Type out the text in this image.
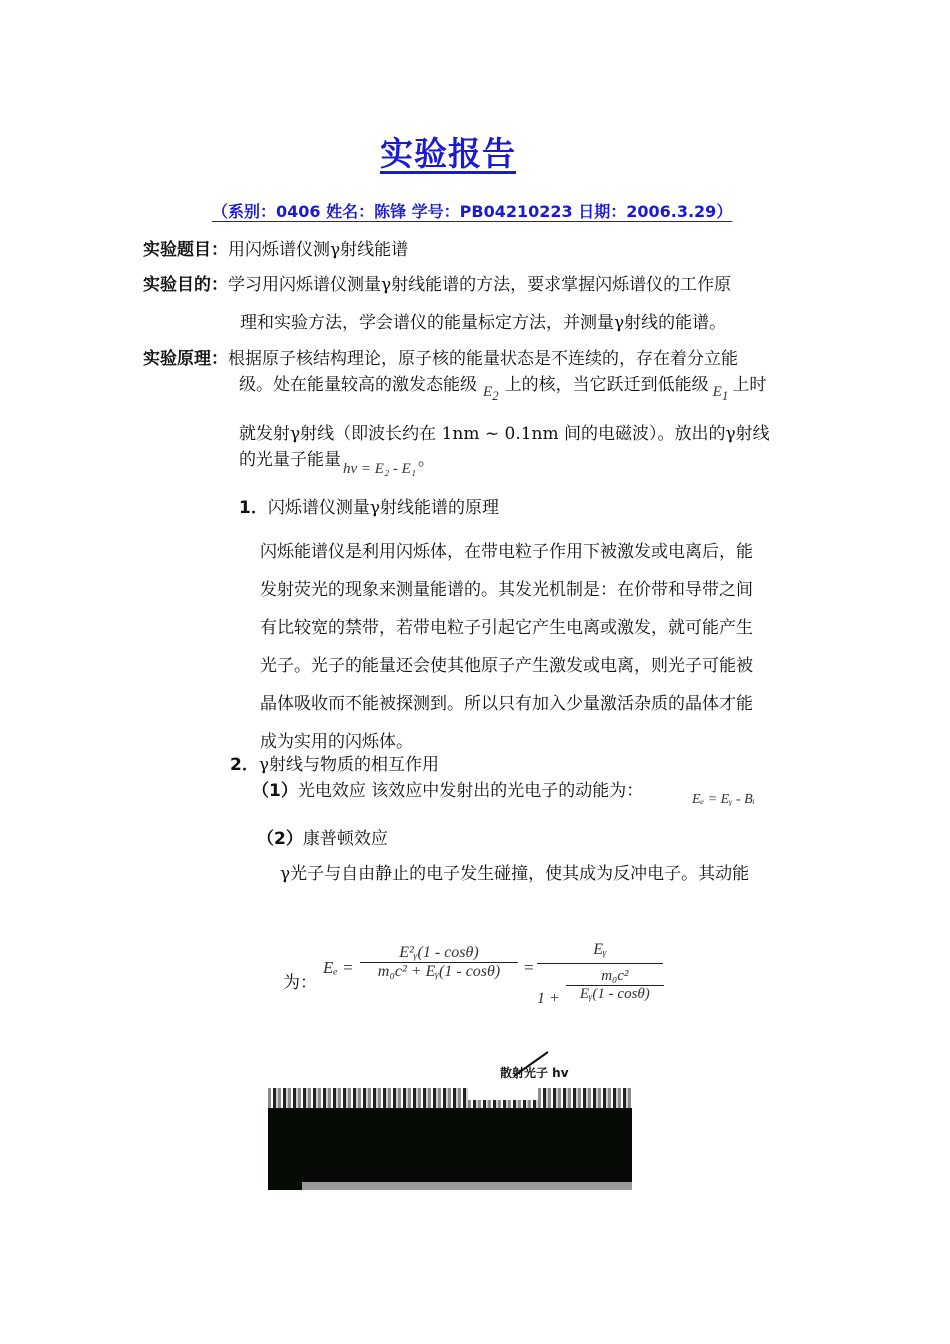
实验报告
（系别：0406 姓名：陈锋 学号：PB04210223 日期：2006.3.29）
实验题目：用闪烁谱仪测γ射线能谱
实验目的：学习用闪烁谱仪测量γ射线能谱的方法，要求掌握闪烁谱仪的工作原
理和实验方法，学会谱仪的能量标定方法，并测量γ射线的能谱。
实验原理：根据原子核结构理论，原子核的能量状态是不连续的，存在着分立能
级。处在能量较高的激发态能级 $E_2$上的核，当它跃迁到低能级 $E_1$上时
就发射γ射线（即波长约在 1nm ~ 0.1nm 间的电磁波）。放出的γ射线
的光量子能量 hv = E₂ - E₁ 。
1．闪烁谱仪测量γ射线能谱的原理
闪烁能谱仪是利用闪烁体，在带电粒子作用下被激发或电离后，能
发射荧光的现象来测量能谱的。其发光机制是：在价带和导带之间
有比较宽的禁带，若带电粒子引起它产生电离或激发，就可能产生
光子。光子的能量还会使其他原子产生激发或电离，则光子可能被
晶体吸收而不能被探测到。所以只有加入少量激活杂质的晶体才能
成为实用的闪烁体。
2．γ射线与物质的相互作用
（1）光电效应 该效应中发射出的光电子的动能为：	Eₑ = Eᵧ - Bᵢ
（2）康普顿效应
γ光子与自由静止的电子发生碰撞，使其成为反冲电子。其动能
为：
$E_e = \frac{\text{E²ᵧ(1 - cosθ)}}{\text{m₀c² + Eᵧ(1 - cosθ)}}$ =
Eᵧ
$1 + \frac{\text{m₀c²}}{\text{Eᵧ(1 - cosθ)}}$
散射光子 hv
